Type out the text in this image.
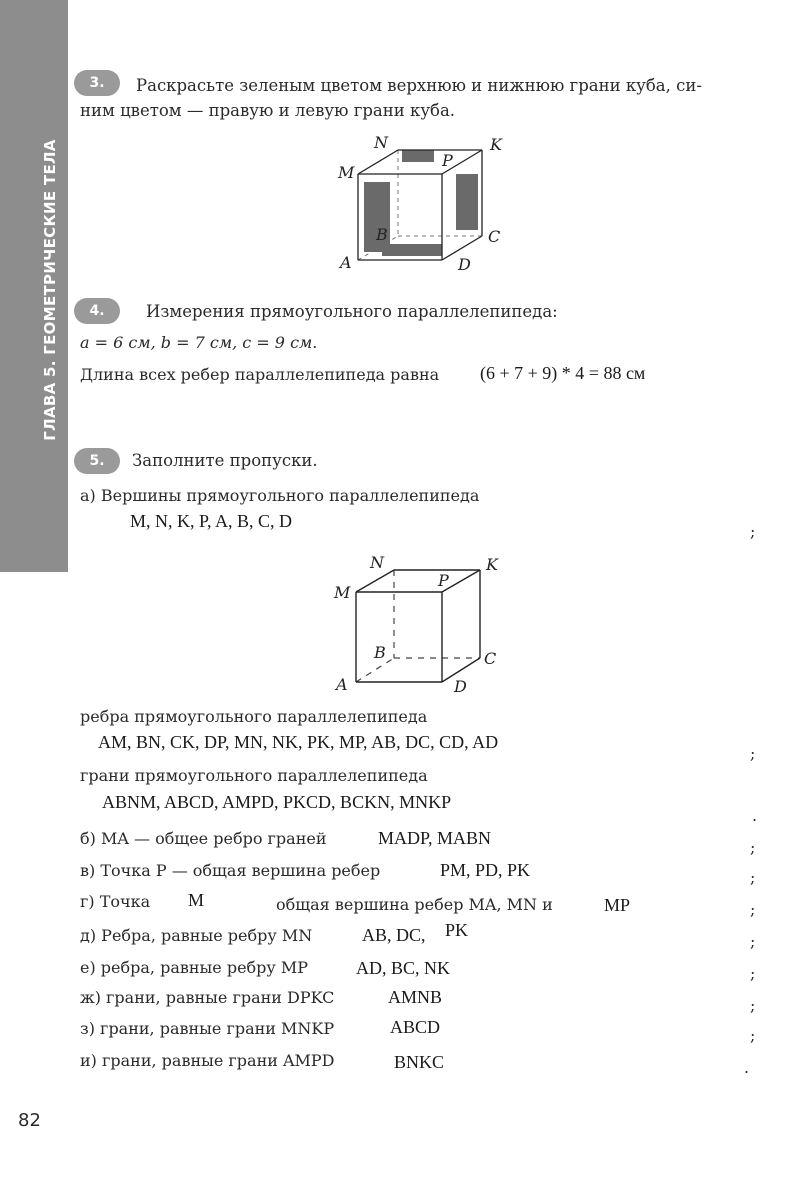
ГЛАВА 5. ГЕОМЕТРИЧЕСКИЕ ТЕЛА
3.	Раскрасьте зеленым цветом верхнюю и нижнюю грани куба, си-
ним цветом — правую и левую грани куба.
N	K
M
P
B	C
A	D
4.	Измерения прямоугольного параллелепипеда:
a = 6 см, b = 7 см, c = 9 см.
Длина всех ребер параллелепипеда равна (6 + 7 + 9) * 4 = 88 см
5.	Заполните пропуски.
а) Вершины прямоугольного параллелепипеда
M, N, K, P, A, B, C, D
;
N	K
M
P
B	C
A	D
ребра прямоугольного параллелепипеда
AM, BN, CK, DP, MN, NK, PK, MP, AB, DC, CD, AD
;
грани прямоугольного параллелепипеда
ABNM, ABCD, AMPD, PKCD, BCKN, MNKP
.
б) MA — общее ребро граней	MADP, MABN	;
в) Точка P — общая вершина ребер	PM, PD, PK	;
г) Точка M	общая вершина ребер MA, MN и	MP	;
д) Ребра, равные ребру MN	AB, DC, PK
;
е) ребра, равные ребру MP	AD, BC, NK	;
ж) грани, равные грани DPKC	AMNB	;
з) грани, равные грани MNKP	ABCD	;
и) грани, равные грани AMPD	BNKC	.
82
